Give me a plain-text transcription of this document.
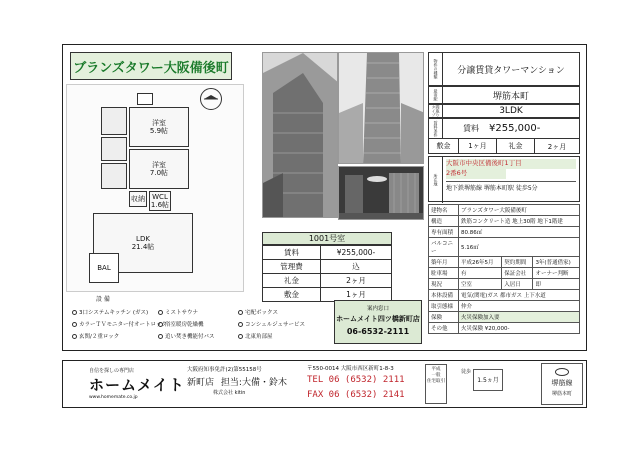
ブランズタワー大阪備後町
洋室
5.9帖
洋室
7.0帖
収納 WCL
1.6帖
LDK
21.4帖
BAL
1001号室
賃料	¥255,000-
管理費	込
礼金	2ヶ月
敷金	1ヶ月
案内窓口
ホームメイト四ツ橋新町店
06-6532-2111
物件の種類	分譲賃貸タワーマンション
最寄駅	堺筋本町
間取りタイプ	3LDK
賃料条件	賃料 ¥255,000-
敷金	1ヶ月	礼金	2ヶ月
所在地
大阪市中央区備後町1丁目
2番6号
地下鉄堺筋線 堺筋本町駅 徒歩5分
建物名	ブランズタワー大阪備後町		
構造	鉄筋コンクリート造 地上30階 地下1階建		
専有面積	80.86㎡		
バルコニー	5.16㎡		
築年月	平成26年5月	契約期間	3年(普通借家)
駐車場	有	保証会社	オーナー判断
現況	空室	入居日	即
本体設備	電気(関電)ガス 都市ガス 上下水道		
取引態様	仲介		
保険	火災保険加入要		
その他	火災保険 ¥20,000-		
設 備
3口システムキッチン (ガス)	ミストサウナ	宅配ボックス
カラーＴＶモニター付オートロック
浴室暖房乾燥機	コンシェルジュサービス
玄関/２重ロック	追い焚き機能付バス	北東角部屋
自信を探しの専門店
ホームメイト
www.homemate.co.jp
大阪府知事免許(2)第55158号
新町店 担当:大備・鈴木
株式会社 kitin
〒550-0014 大阪市西区新町1-8-3
TEL 06 (6532) 2111
FAX 06 (6532) 2141
平成
一般
住宅取引
徒歩
1.5ヵ月	堺筋線
堺筋本町
